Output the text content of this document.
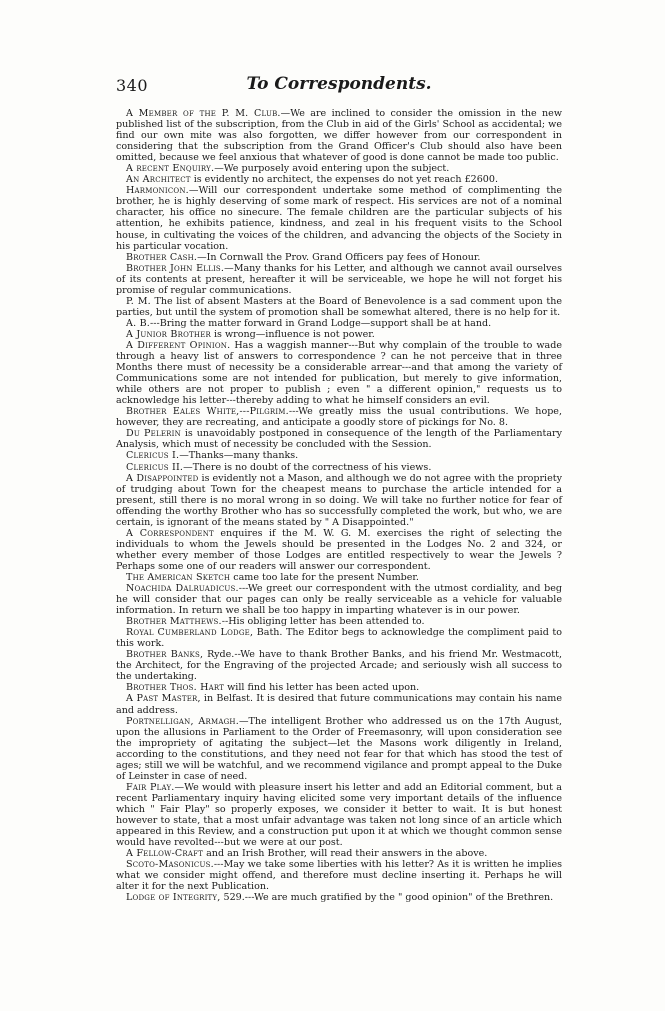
340	To Correspondents.

A Member of the P. M. Club.—We are inclined to consider the omission in the new published list of the subscription, from the Club in aid of the Girls' School as accidental; we find our own mite was also forgotten, we differ however from our correspondent in considering that the subscription from the Grand Officer's Club should also have been omitted, because we feel anxious that whatever of good is done cannot be made too public.

A recent Enquiry.—We purposely avoid entering upon the subject.

An Architect is evidently no architect, the expenses do not yet reach £2600.

Harmonicon.—Will our correspondent undertake some method of complimenting the brother, he is highly deserving of some mark of respect. His services are not of a nominal character, his office no sinecure. The female children are the particular subjects of his attention, he exhibits patience, kindness, and zeal in his frequent visits to the School house, in cultivating the voices of the children, and advancing the objects of the Society in his particular vocation.

Brother Cash.—In Cornwall the Prov. Grand Officers pay fees of Honour.

Brother John Ellis.—Many thanks for his Letter, and although we cannot avail ourselves of its contents at present, hereafter it will be serviceable, we hope he will not forget his promise of regular communications.

P. M. The list of absent Masters at the Board of Benevolence is a sad comment upon the parties, but until the system of promotion shall be somewhat altered, there is no help for it.

A. B.---Bring the matter forward in Grand Lodge—support shall be at hand.

A Junior Brother is wrong—influence is not power.

A Different Opinion. Has a waggish manner---But why complain of the trouble to wade through a heavy list of answers to correspondence ? can he not perceive that in three Months there must of necessity be a considerable arrear---and that among the variety of Communications some are not intended for publication, but merely to give information, while others are not proper to publish ; even " a different opinion," requests us to acknowledge his letter---thereby adding to what he himself considers an evil.

Brother Eales White,---Pilgrim.---We greatly miss the usual contributions. We hope, however, they are recreating, and anticipate a goodly store of pickings for No. 8.

Du Pelerin is unavoidably postponed in consequence of the length of the Parliamentary Analysis, which must of necessity be concluded with the Session.

Clericus I.—Thanks—many thanks.

Clericus II.—There is no doubt of the correctness of his views.

A Disappointed is evidently not a Mason, and although we do not agree with the propriety of trudging about Town for the cheapest means to purchase the article intended for a present, still there is no moral wrong in so doing. We will take no further notice for fear of offending the worthy Brother who has so successfully completed the work, but who, we are certain, is ignorant of the means stated by " A Disappointed."

A Correspondent enquires if the M. W. G. M. exercises the right of selecting the individuals to whom the Jewels should be presented in the Lodges No. 2 and 324, or whether every member of those Lodges are entitled respectively to wear the Jewels ? Perhaps some one of our readers will answer our correspondent.

The American Sketch came too late for the present Number.

Noachida Dalruadicus.---We greet our correspondent with the utmost cordiality, and beg he will consider that our pages can only be really serviceable as a vehicle for valuable information. In return we shall be too happy in imparting whatever is in our power.

Brother Matthews.--His obliging letter has been attended to.

Royal Cumberland Lodge, Bath. The Editor begs to acknowledge the compliment paid to this work.

Brother Banks, Ryde.--We have to thank Brother Banks, and his friend Mr. Westmacott, the Architect, for the Engraving of the projected Arcade; and seriously wish all success to the undertaking.

Brother Thos. Hart will find his letter has been acted upon.

A Past Master, in Belfast. It is desired that future communications may contain his name and address.

Portnelligan, Armagh.—The intelligent Brother who addressed us on the 17th August, upon the allusions in Parliament to the Order of Freemasonry, will upon consideration see the impropriety of agitating the subject—let the Masons work diligently in Ireland, according to the constitutions, and they need not fear for that which has stood the test of ages; still we will be watchful, and we recommend vigilance and prompt appeal to the Duke of Leinster in case of need.

Fair Play.—We would with pleasure insert his letter and add an Editorial comment, but a recent Parliamentary inquiry having elicited some very important details of the influence which " Fair Play" so properly exposes, we consider it better to wait. It is but honest however to state, that a most unfair advantage was taken not long since of an article which appeared in this Review, and a construction put upon it at which we thought common sense would have revolted---but we were at our post.

A Fellow-Craft and an Irish Brother, will read their answers in the above.

Scoto-Masonicus.---May we take some liberties with his letter? As it is written he implies what we consider might offend, and therefore must decline inserting it. Perhaps he will alter it for the next Publication.

Lodge of Integrity, 529.---We are much gratified by the " good opinion" of the Brethren.
